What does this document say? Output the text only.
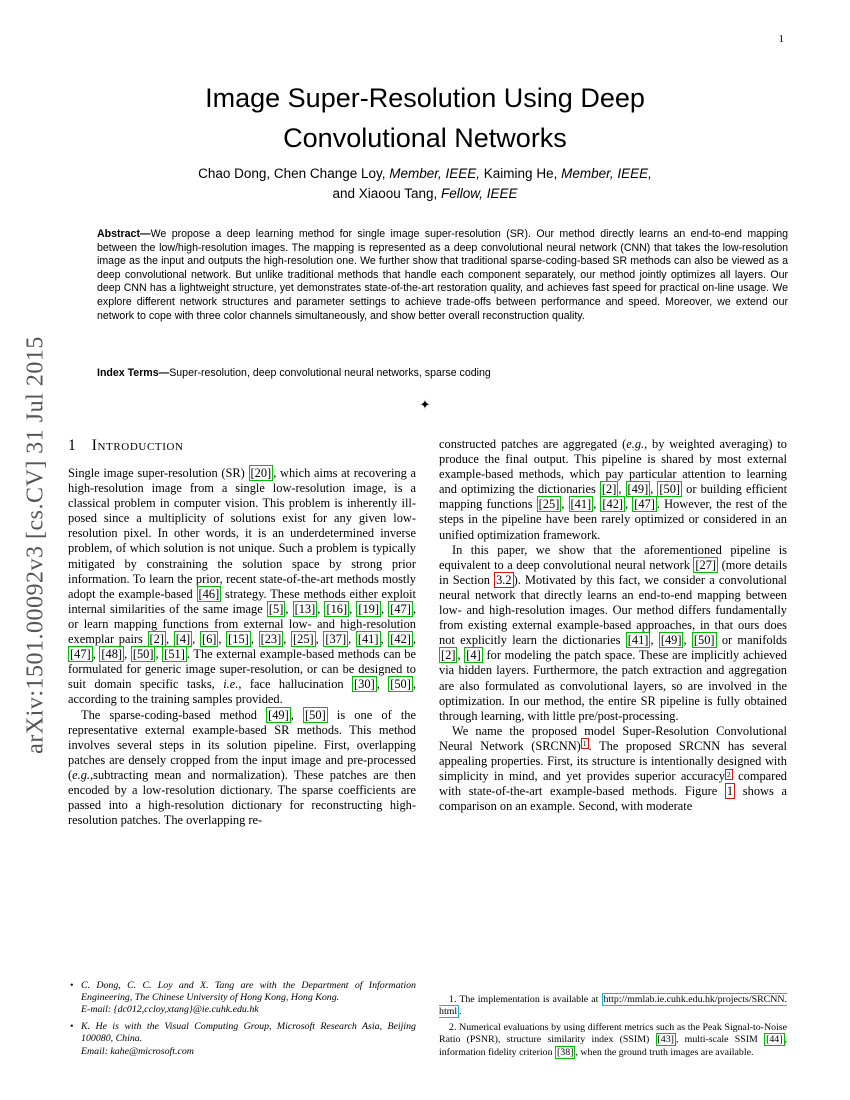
arXiv:1501.00092v3 [cs.CV] 31 Jul 2015
1
Image Super-Resolution Using Deep
Convolutional Networks
Chao Dong, Chen Change Loy, Member, IEEE, Kaiming He, Member, IEEE,
and Xiaoou Tang, Fellow, IEEE
Abstract—We propose a deep learning method for single image super-resolution (SR). Our method directly learns an end-to-end mapping between the low/high-resolution images. The mapping is represented as a deep convolutional neural network (CNN) that takes the low-resolution image as the input and outputs the high-resolution one. We further show that traditional sparse-coding-based SR methods can also be viewed as a deep convolutional network. But unlike traditional methods that handle each component separately, our method jointly optimizes all layers. Our deep CNN has a lightweight structure, yet demonstrates state-of-the-art restoration quality, and achieves fast speed for practical on-line usage. We explore different network structures and parameter settings to achieve trade-offs between performance and speed. Moreover, we extend our network to cope with three color channels simultaneously, and show better overall reconstruction quality.
Index Terms—Super-resolution, deep convolutional neural networks, sparse coding
✦
1 Introduction

Single image super-resolution (SR) [20] , which aims at recovering a high-resolution image from a single low-resolution image, is a classical problem in computer vision. This problem is inherently ill-posed since a multiplicity of solutions exist for any given low-resolution pixel. In other words, it is an underdetermined inverse problem, of which solution is not unique. Such a problem is typically mitigated by constraining the solution space by strong prior information. To learn the prior, recent state-of-the-art methods mostly adopt the example-based [46] strategy. These methods either exploit internal similarities of the same image [5] , [13] , [16] , [19] , [47] , or learn mapping functions from external low- and high-resolution exemplar pairs [2] , [4] , [6] , [15] , [23] , [25] , [37] , [41] , [42] , [47] , [48] , [50] , [51] . The external example-based methods can be formulated for generic image super-resolution, or can be designed to suit domain specific tasks, i.e., face hallucination [30] , [50] , according to the training samples provided.

The sparse-coding-based method [49] , [50] is one of the representative external example-based SR methods. This method involves several steps in its solution pipeline. First, overlapping patches are densely cropped from the input image and pre-processed (e.g.,subtracting mean and normalization). These patches are then encoded by a low-resolution dictionary. The sparse coefficients are passed into a high-resolution dictionary for reconstructing high-resolution patches. The overlapping re-

• C. Dong, C. C. Loy and X. Tang are with the Department of Information Engineering, The Chinese University of Hong Kong, Hong Kong.
E-mail: {dc012,ccloy,xtang}@ie.cuhk.edu.hk
• K. He is with the Visual Computing Group, Microsoft Research Asia, Beijing 100080, China.
Email: kahe@microsoft.com

constructed patches are aggregated (e.g., by weighted averaging) to produce the final output. This pipeline is shared by most external example-based methods, which pay particular attention to learning and optimizing the dictionaries [2] , [49] , [50] or building efficient mapping functions [25] , [41] , [42] , [47] . However, the rest of the steps in the pipeline have been rarely optimized or considered in an unified optimization framework.

In this paper, we show that the aforementioned pipeline is equivalent to a deep convolutional neural network [27] (more details in Section 3.2 ). Motivated by this fact, we consider a convolutional neural network that directly learns an end-to-end mapping between low- and high-resolution images. Our method differs fundamentally from existing external example-based approaches, in that ours does not explicitly learn the dictionaries [41] , [49] , [50] or manifolds [2] , [4] for modeling the patch space. These are implicitly achieved via hidden layers. Furthermore, the patch extraction and aggregation are also formulated as convolutional layers, so are involved in the optimization. In our method, the entire SR pipeline is fully obtained through learning, with little pre/post-processing.

We name the proposed model Super-Resolution Convolutional Neural Network (SRCNN) $^1$ . The proposed SRCNN has several appealing properties. First, its structure is intentionally designed with simplicity in mind, and yet provides superior accuracy $^2$ compared with state-of-the-art example-based methods. Figure 1 shows a comparison on an example. Second, with moderate

1. The implementation is available at http://mmlab.ie.cuhk.edu.hk/projects/SRCNN.html .
2. Numerical evaluations by using different metrics such as the Peak Signal-to-Noise Ratio (PSNR), structure similarity index (SSIM) [43] , multi-scale SSIM [44] , information fidelity criterion [38] , when the ground truth images are available.
